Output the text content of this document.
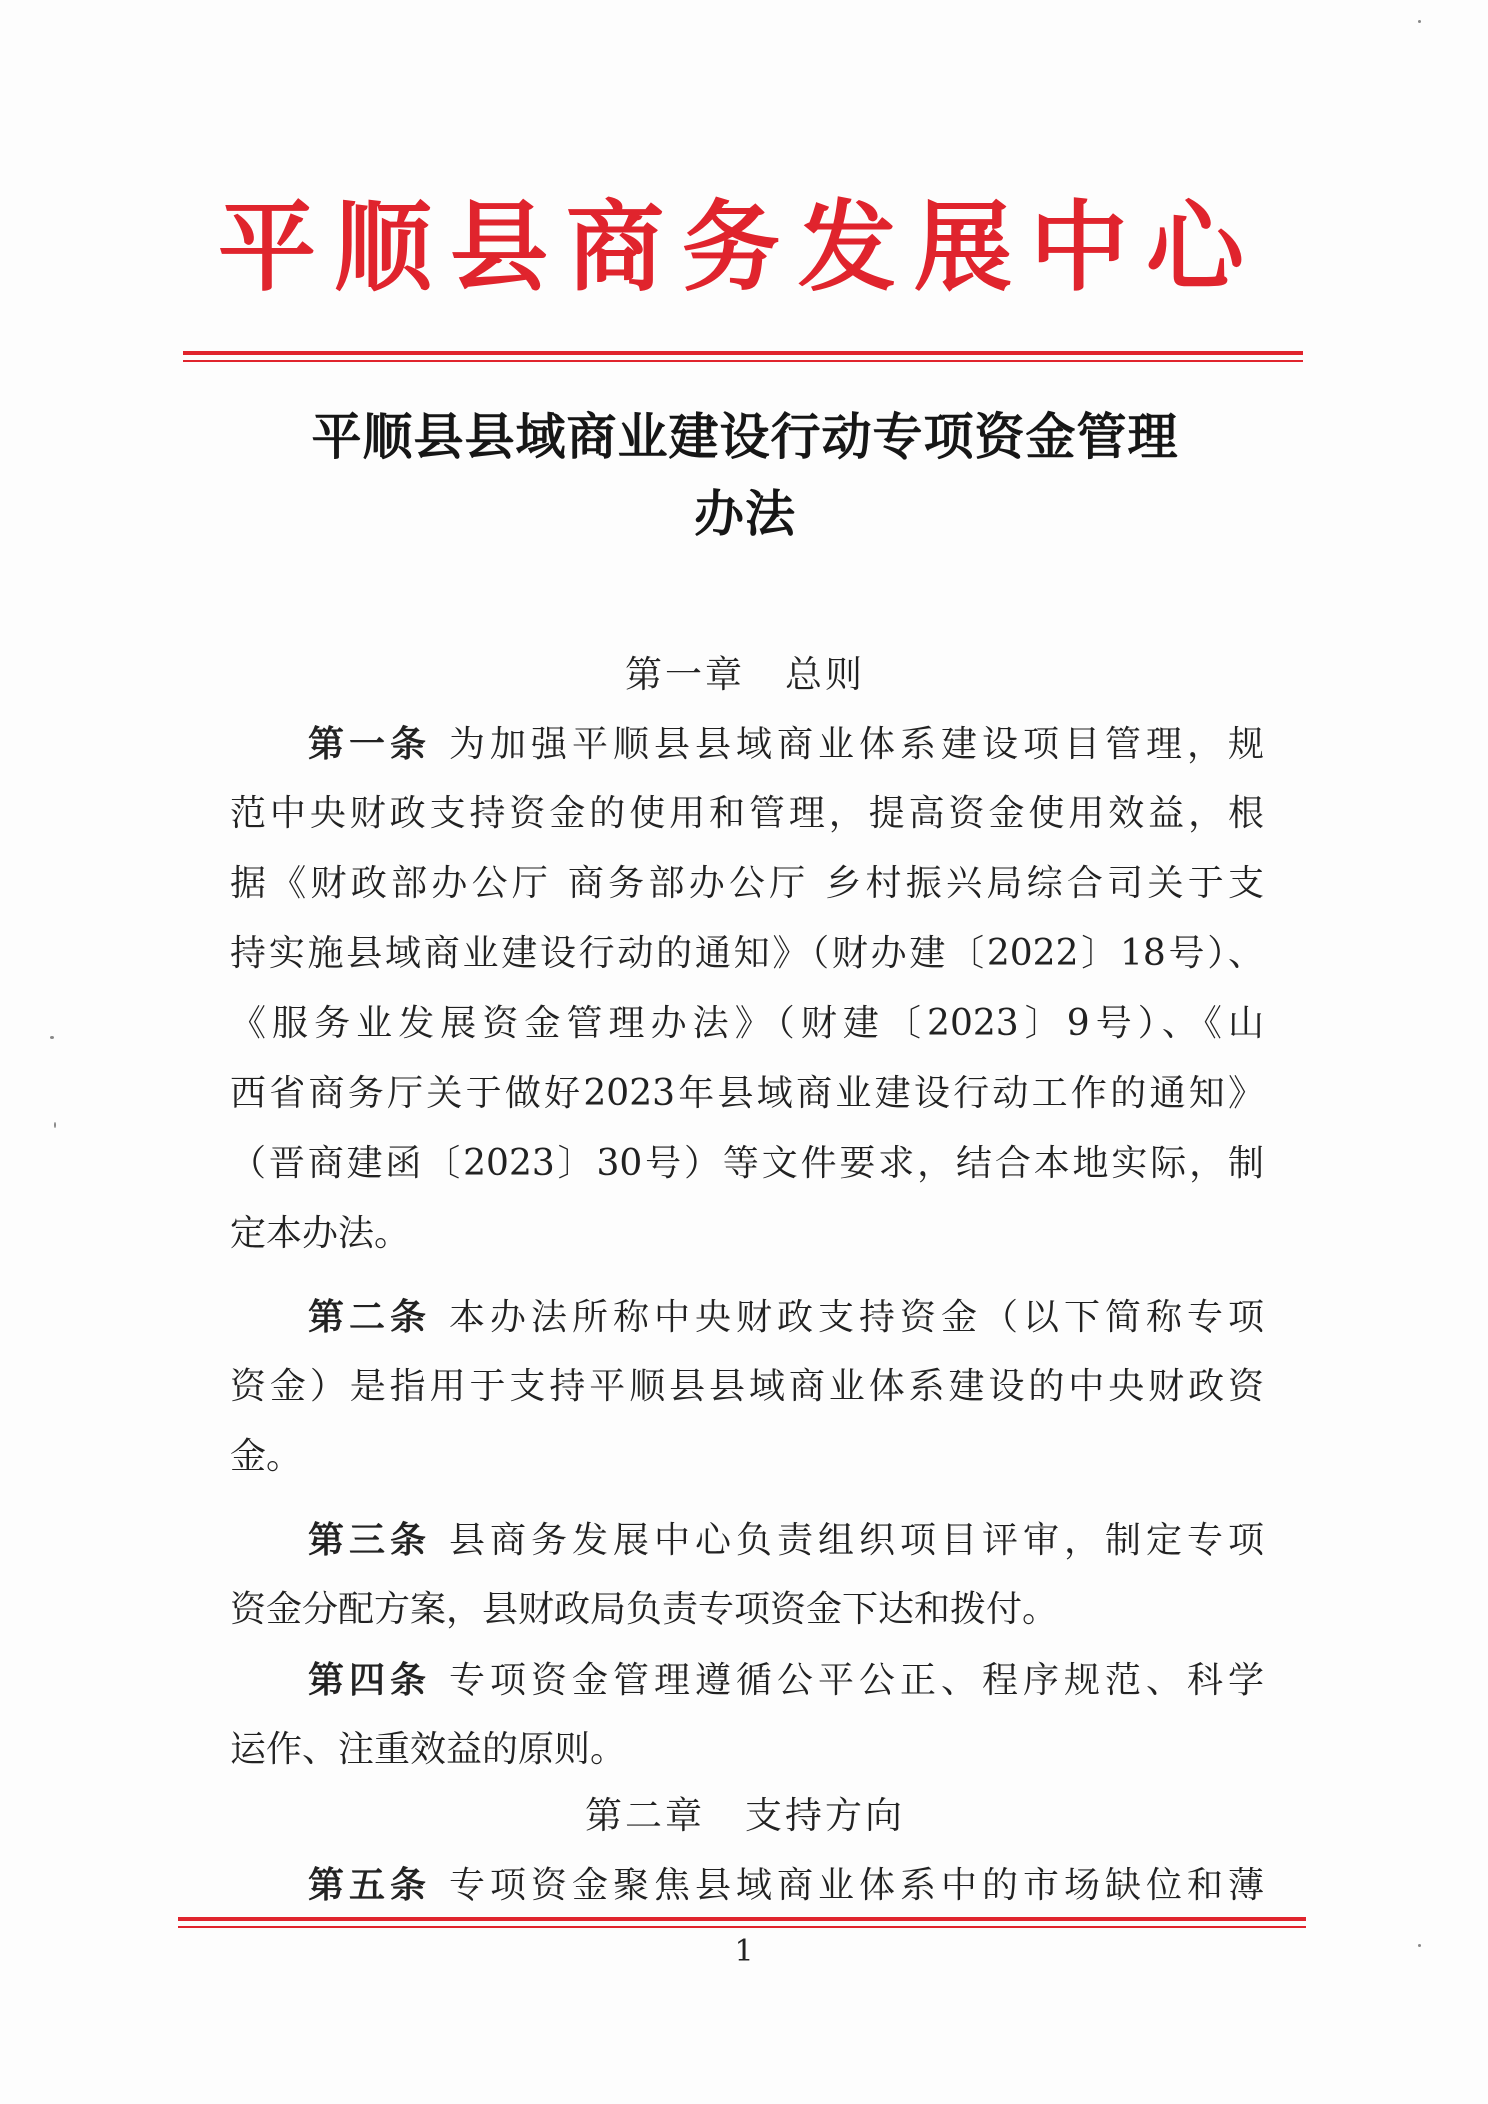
平顺县商务发展中心
平顺县县域商业建设行动专项资金管理
办法
第一章　总则
第一条 为加强平顺县县域商业体系建设项目管理，规
范中央财政支持资金的使用和管理，提高资金使用效益，根
据《财政部办公厅 商务部办公厅 乡村振兴局综合司关于支
持实施县域商业建设行动的通知》（财办建〔2022〕18号）、
《服务业发展资金管理办法》（财建〔2023〕9号）、《山
西省商务厅关于做好2023年县域商业建设行动工作的通知》
（晋商建函〔2023〕30号）等文件要求，结合本地实际，制
定本办法。
第二条 本办法所称中央财政支持资金（以下简称专项
资金）是指用于支持平顺县县域商业体系建设的中央财政资
金。
第三条 县商务发展中心负责组织项目评审，制定专项
资金分配方案，县财政局负责专项资金下达和拨付。
第四条 专项资金管理遵循公平公正、程序规范、科学
运作、注重效益的原则。
第二章　支持方向
第五条 专项资金聚焦县域商业体系中的市场缺位和薄
1
